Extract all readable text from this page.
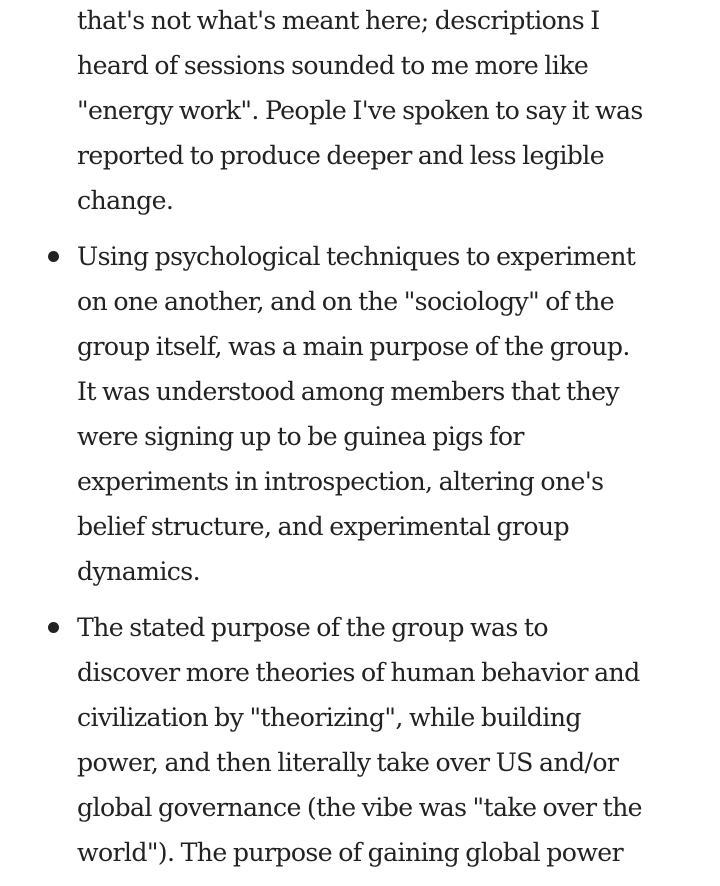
that's not what's meant here; descriptions I
heard of sessions sounded to me more like
"energy work". People I've spoken to say it was
reported to produce deeper and less legible
change.
Using psychological techniques to experiment
on one another, and on the "sociology" of the
group itself, was a main purpose of the group.
It was understood among members that they
were signing up to be guinea pigs for
experiments in introspection, altering one's
belief structure, and experimental group
dynamics.
The stated purpose of the group was to
discover more theories of human behavior and
civilization by "theorizing", while building
power, and then literally take over US and/or
global governance (the vibe was "take over the
world"). The purpose of gaining global power
